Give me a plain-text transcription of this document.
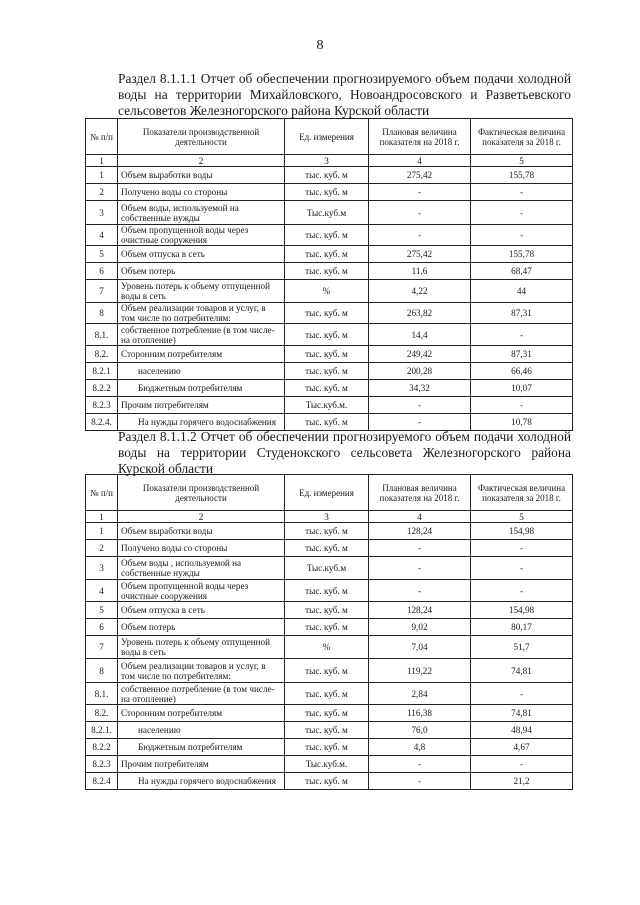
8
Раздел 8.1.1.1 Отчет об обеспечении прогнозируемого объем подачи холодной воды на территории Михайловского, Новоандросовского и Разветьевского сельсоветов Железногорского района Курской области
№ п/п	Показатели производственной деятельности	Ед. измерения	Плановая величина показателя на 2018 г.	Фактическая величина показателя за 2018 г.
1	2	3	4	5
1	Объем выработки воды	тыс. куб. м	275,42	155,78
2	Получено воды со стороны	тыс. куб. м	-	-
3	Объем воды, используемой на собственные нужды	Тыс.куб.м	-	-
4	Объем пропущенной воды через очистные сооружения	тыс. куб. м	-	-
5	Объем отпуска в сеть	тыс. куб. м	275,42	155,78
6	Объем потерь	тыс. куб. м	11,6	68,47
7	Уровень потерь к объему отпущенной воды в сеть	%	4,22	44
8	Объем реализации товаров и услуг, в том числе по потребителям:	тыс. куб. м	263,82	87,31
8.1.	собственное потребление (в том числе- на отопление)	тыс. куб. м	14,4	-
8.2.	Сторонним потребителям	тыс. куб. м	249,42	87,31
8.2.1	населению	тыс. куб. м	200,28	66,46
8.2.2	Бюджетным потребителям	тыс. куб. м	34,32	10,07
8.2.3	Прочим потребителям	Тыс.куб.м.	-	-
8.2.4.	На нужды горячего водоснабжения	тыс. куб. м	-	10,78
Раздел 8.1.1.2 Отчет об обеспечении прогнозируемого объем подачи холодной воды на территории Студенокского сельсовета Железногорского района Курской области
№ п/п	Показатели производственной деятельности	Ед. измерения	Плановая величина показателя на 2018 г.	Фактическая величина показателя за 2018 г.
1	2	3	4	5
1	Объем выработки воды	тыс. куб. м	128,24	154,98
2	Получено воды со стороны	тыс. куб. м	-	-
3	Объем воды , используемой на собственные нужды	Тыс.куб.м	-	-
4	Объем пропущенной воды через очистные сооружения	тыс. куб. м	-	-
5	Объем отпуска в сеть	тыс. куб. м	128,24	154,98
6	Объем потерь	тыс. куб. м	9,02	80,17
7	Уровень потерь к объему отпущенной воды в сеть	%	7,04	51,7
8	Объем реализации товаров и услуг, в том числе по потребителям:	тыс. куб. м	119,22	74,81
8.1.	собственное потребление (в том числе- на отопление)	тыс. куб. м	2,84	-
8.2.	Сторонним потребителям	тыс. куб. м	116,38	74,81
8.2.1.	населению	тыс. куб. м	76,0	48,94
8.2.2	Бюджетным потребителям	тыс. куб. м	4,8	4,67
8.2.3	Прочим потребителям	Тыс.куб.м.	-	-
8.2.4	На нужды горячего водоснабжения	тыс. куб. м	-	21,2
